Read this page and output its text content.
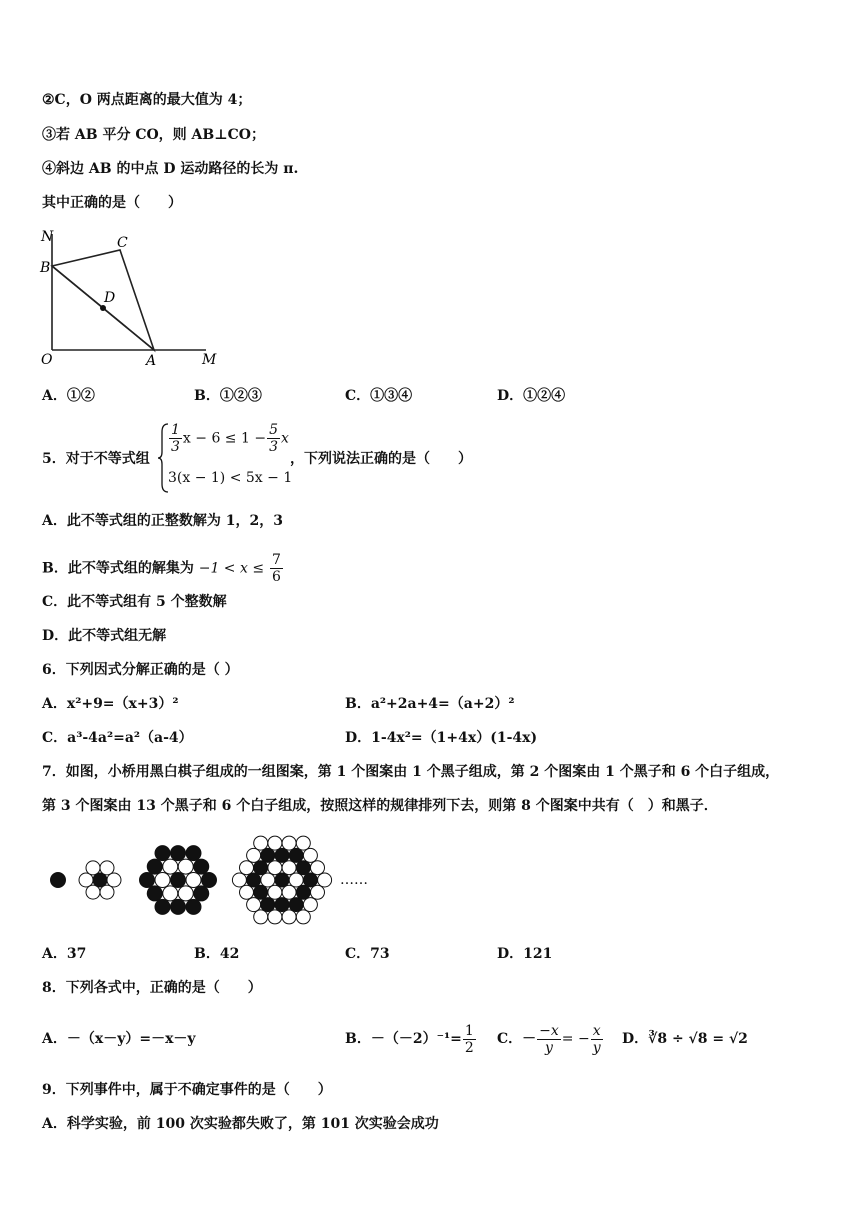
②C，O 两点距离的最大值为 4；
③若 AB 平分 CO，则 AB⊥CO；
④斜边 AB 的中点 D 运动路径的长为 π.
其中正确的是（　　）
N	C
B
D
O	A	M
A．①②	B．①②③	C．①③④	D．①②④
5．对于不等式组
$\frac{1}{3}$ $x - 6 \le 1 - \frac{5}{3}$ x
3(x − 1) < 5x − 1
，下列说法正确的是（　　）
A．此不等式组的正整数解为 1，2，3
B．此不等式组的解集为 $-1 < x \le \frac{7}{6}$
C．此不等式组有 5 个整数解
D．此不等式组无解
6．下列因式分解正确的是（ ）
A．x²+9=（x+3）²	B．a²+2a+4=（a+2）²
C．a³-4a²=a²（a-4）	D．1-4x²=（1+4x）(1-4x)
7．如图，小桥用黑白棋子组成的一组图案，第 1 个图案由 1 个黑子组成，第 2 个图案由 1 个黑子和 6 个白子组成，
第 3 个图案由 13 个黑子和 6 个白子组成，按照这样的规律排列下去，则第 8 个图案中共有（　）和黑子．
……
A．37	B．42	C．73	D．121
8．下列各式中，正确的是（　　）
A．－（x－y）=－x－y	B．$-(-2)^{-1}= \frac{1}{2}$ C．－ $\frac{-x}{y}$ = − $\frac{x}{y}$ D．∛8 ÷ √8 = √2
9．下列事件中，属于不确定事件的是（　　）
A．科学实验，前 100 次实验都失败了，第 101 次实验会成功
